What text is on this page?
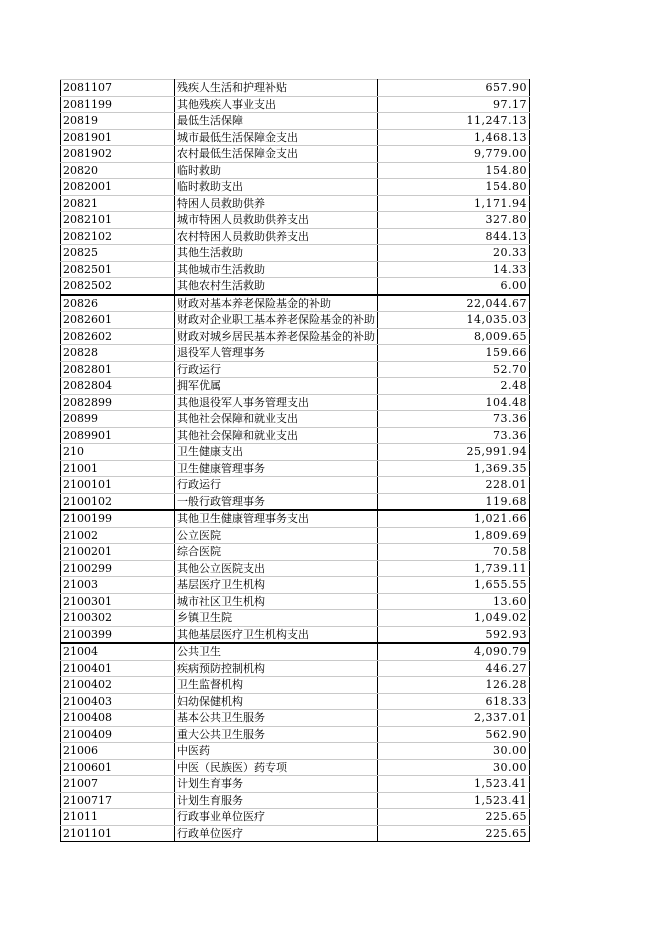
2081107	残疾人生活和护理补贴	657.90
2081199	其他残疾人事业支出	97.17
20819	最低生活保障	11,247.13
2081901	城市最低生活保障金支出	1,468.13
2081902	农村最低生活保障金支出	9,779.00
20820	临时救助	154.80
2082001	临时救助支出	154.80
20821	特困人员救助供养	1,171.94
2082101	城市特困人员救助供养支出	327.80
2082102	农村特困人员救助供养支出	844.13
20825	其他生活救助	20.33
2082501	其他城市生活救助	14.33
2082502	其他农村生活救助	6.00
20826	财政对基本养老保险基金的补助	22,044.67
2082601	财政对企业职工基本养老保险基金的补助	14,035.03
2082602	财政对城乡居民基本养老保险基金的补助	8,009.65
20828	退役军人管理事务	159.66
2082801	行政运行	52.70
2082804	拥军优属	2.48
2082899	其他退役军人事务管理支出	104.48
20899	其他社会保障和就业支出	73.36
2089901	其他社会保障和就业支出	73.36
210	卫生健康支出	25,991.94
21001	卫生健康管理事务	1,369.35
2100101	行政运行	228.01
2100102	一般行政管理事务	119.68
2100199	其他卫生健康管理事务支出	1,021.66
21002	公立医院	1,809.69
2100201	综合医院	70.58
2100299	其他公立医院支出	1,739.11
21003	基层医疗卫生机构	1,655.55
2100301	城市社区卫生机构	13.60
2100302	乡镇卫生院	1,049.02
2100399	其他基层医疗卫生机构支出	592.93
21004	公共卫生	4,090.79
2100401	疾病预防控制机构	446.27
2100402	卫生监督机构	126.28
2100403	妇幼保健机构	618.33
2100408	基本公共卫生服务	2,337.01
2100409	重大公共卫生服务	562.90
21006	中医药	30.00
2100601	中医（民族医）药专项	30.00
21007	计划生育事务	1,523.41
2100717	计划生育服务	1,523.41
21011	行政事业单位医疗	225.65
2101101	行政单位医疗	225.65
